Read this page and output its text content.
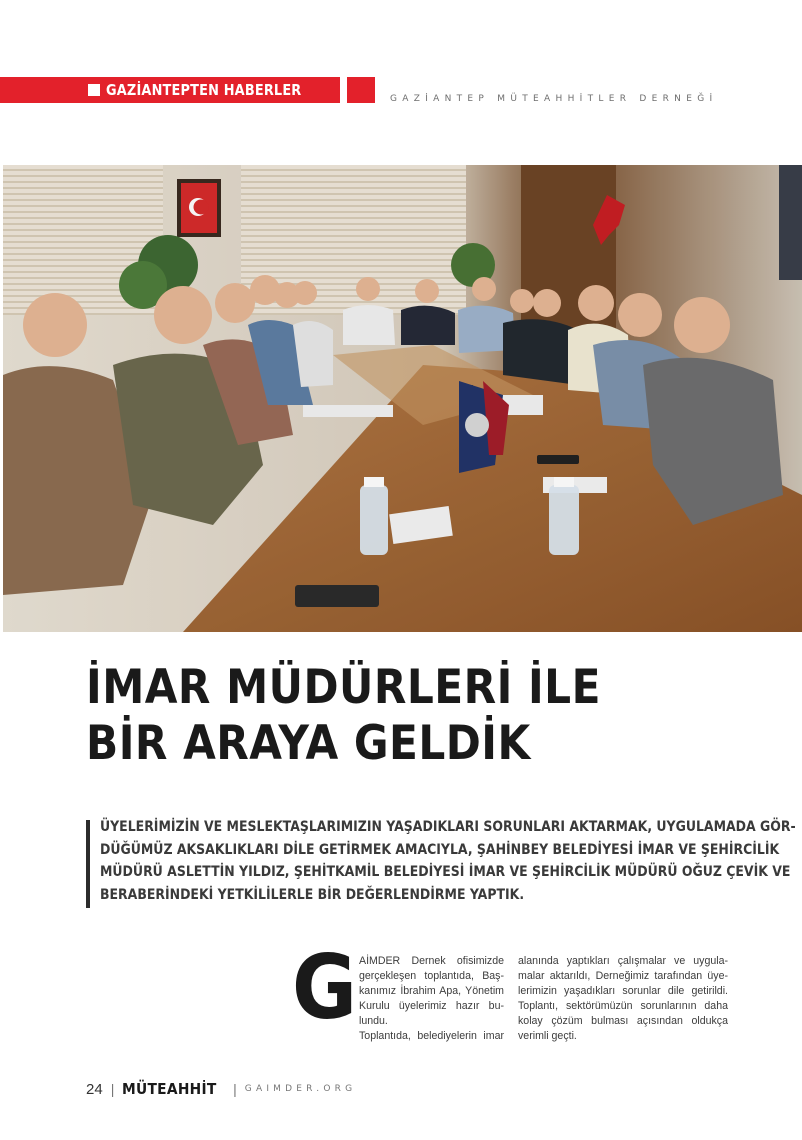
GAZİANTEPTEN HABERLER	GAZİANTEP MÜTEAHHİTLER DERNEĞİ
İMAR MÜDÜRLERİ İLE
BİR ARAYA GELDİK
ÜYELERİMİZİN VE MESLEKTAŞLARIMIZIN YAŞADIKLARI SORUNLARI AKTARMAK, UYGULAMADA GÖR-
DÜĞÜMÜZ AKSAKLIKLARI DİLE GETİRMEK AMACIYLA, ŞAHİNBEY BELEDİYESİ İMAR VE ŞEHİRCİLİK
MÜDÜRÜ ASLETTİN YILDIZ, ŞEHİTKAMİL BELEDİYESİ İMAR VE ŞEHİRCİLİK MÜDÜRÜ OĞUZ ÇEVİK VE
BERABERİNDEKİ YETKİLİLERLE BİR DEĞERLENDİRME YAPTIK.
G AİMDER Dernek ofisimizde
gerçekleşen toplantıda, Baş-
kanımız İbrahim Apa, Yönetim
Kurulu üyelerimiz hazır bu-
lundu.
Toplantıda, belediyelerin imar
alanında yaptıkları çalışmalar ve uygula-
malar aktarıldı, Derneğimiz tarafından üye-
lerimizin yaşadıkları sorunlar dile getirildi.
Toplantı, sektörümüzün sorunlarının daha
kolay çözüm bulması açısından oldukça
verimli geçti.
24 | MÜTEAHHİT | GAIMDER.ORG
